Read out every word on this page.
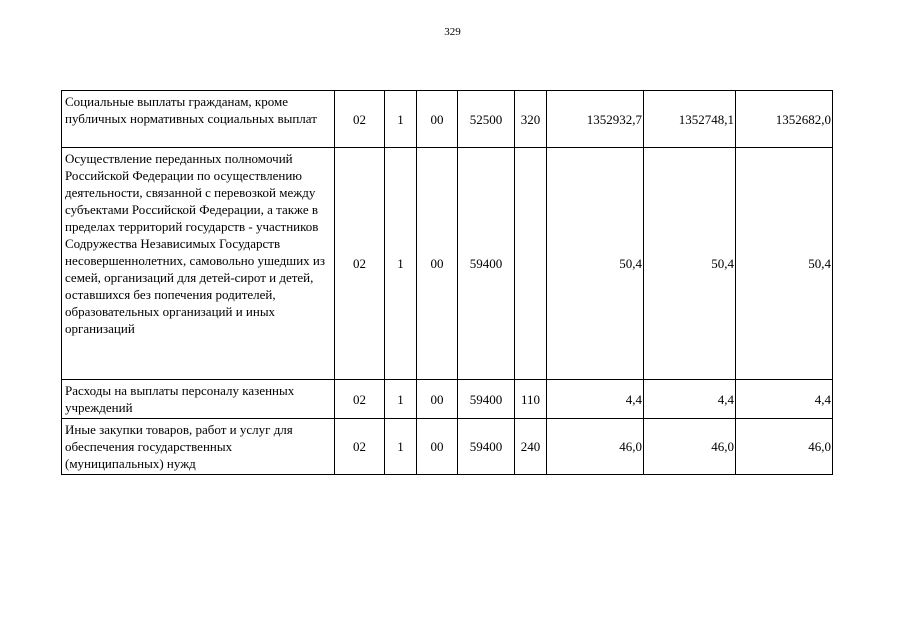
329
Социальные выплаты гражданам, кроме публичных нормативных социальных выплат	02	1	00	52500	320	1352932,7	1352748,1	1352682,0
Осуществление переданных полномочий Российской Федерации по осуществлению деятельности, связанной с перевозкой между субъектами Российской Федерации, а также в пределах территорий государств - участников Содружества Независимых Государств несовершеннолетних, самовольно ушедших из семей, организаций для детей-сирот и детей, оставшихся без попечения родителей, образовательных организаций и иных организаций	02	1	00	59400		50,4	50,4	50,4
Расходы на выплаты персоналу казенных учреждений	02	1	00	59400	110	4,4	4,4	4,4
Иные закупки товаров, работ и услуг для обеспечения государственных (муниципальных) нужд	02	1	00	59400	240	46,0	46,0	46,0
